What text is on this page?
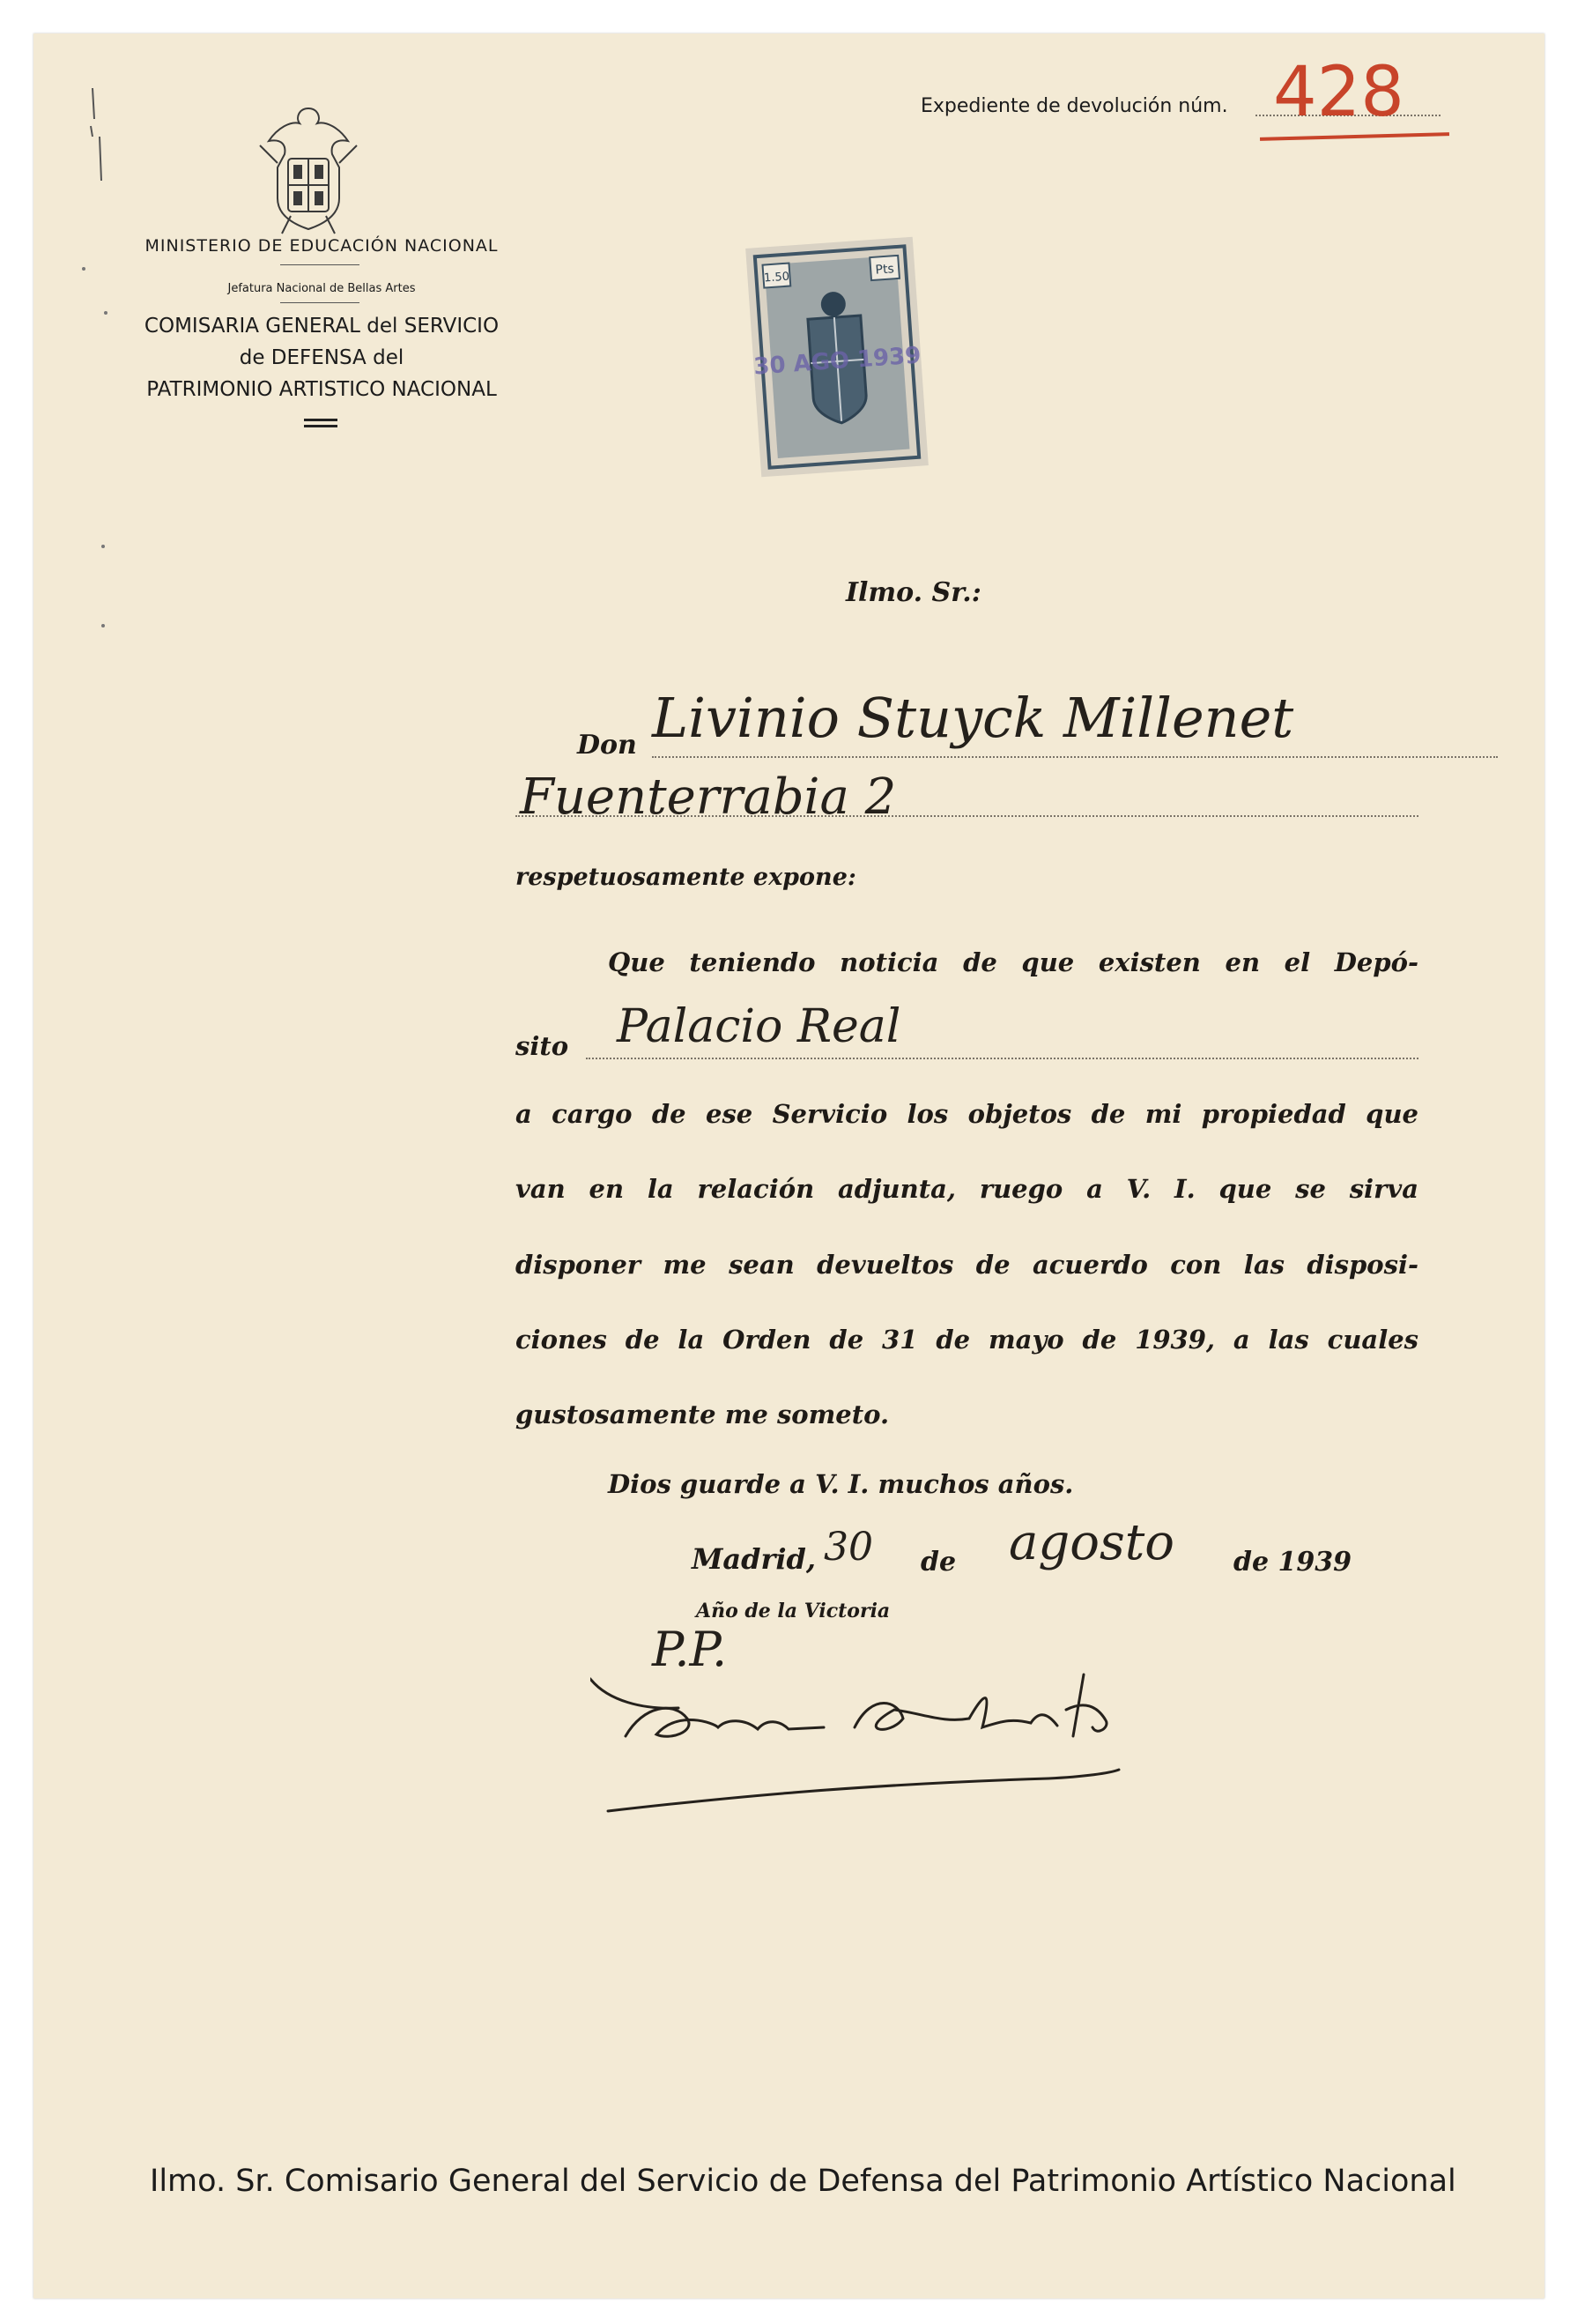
MINISTERIO DE EDUCACIÓN NACIONAL
Jefatura Nacional de Bellas Artes
COMISARIA GENERAL del SERVICIO
de DEFENSA del
PATRIMONIO ARTISTICO NACIONAL
Expediente de devolución núm. 428
1.50
Pts
30 AGO 1939
Ilmo. Sr.:
Don Livinio Stuyck Millenet
Fuenterrabia 2
respetuosamente expone:
Que teniendo noticia de que existen en el Depó-
sito Palacio Real
a cargo de ese Servicio los objetos de mi propiedad que
van en la relación adjunta, ruego a V. I. que se sirva
disponer me sean devueltos de acuerdo con las disposi-
ciones de la Orden de 31 de mayo de 1939, a las cuales
gustosamente me someto.
Dios guarde a V. I. muchos años.
Madrid, 30 de agosto de 1939
Año de la Victoria
P.P.
Ilmo. Sr. Comisario General del Servicio de Defensa del Patrimonio Artístico Nacional
